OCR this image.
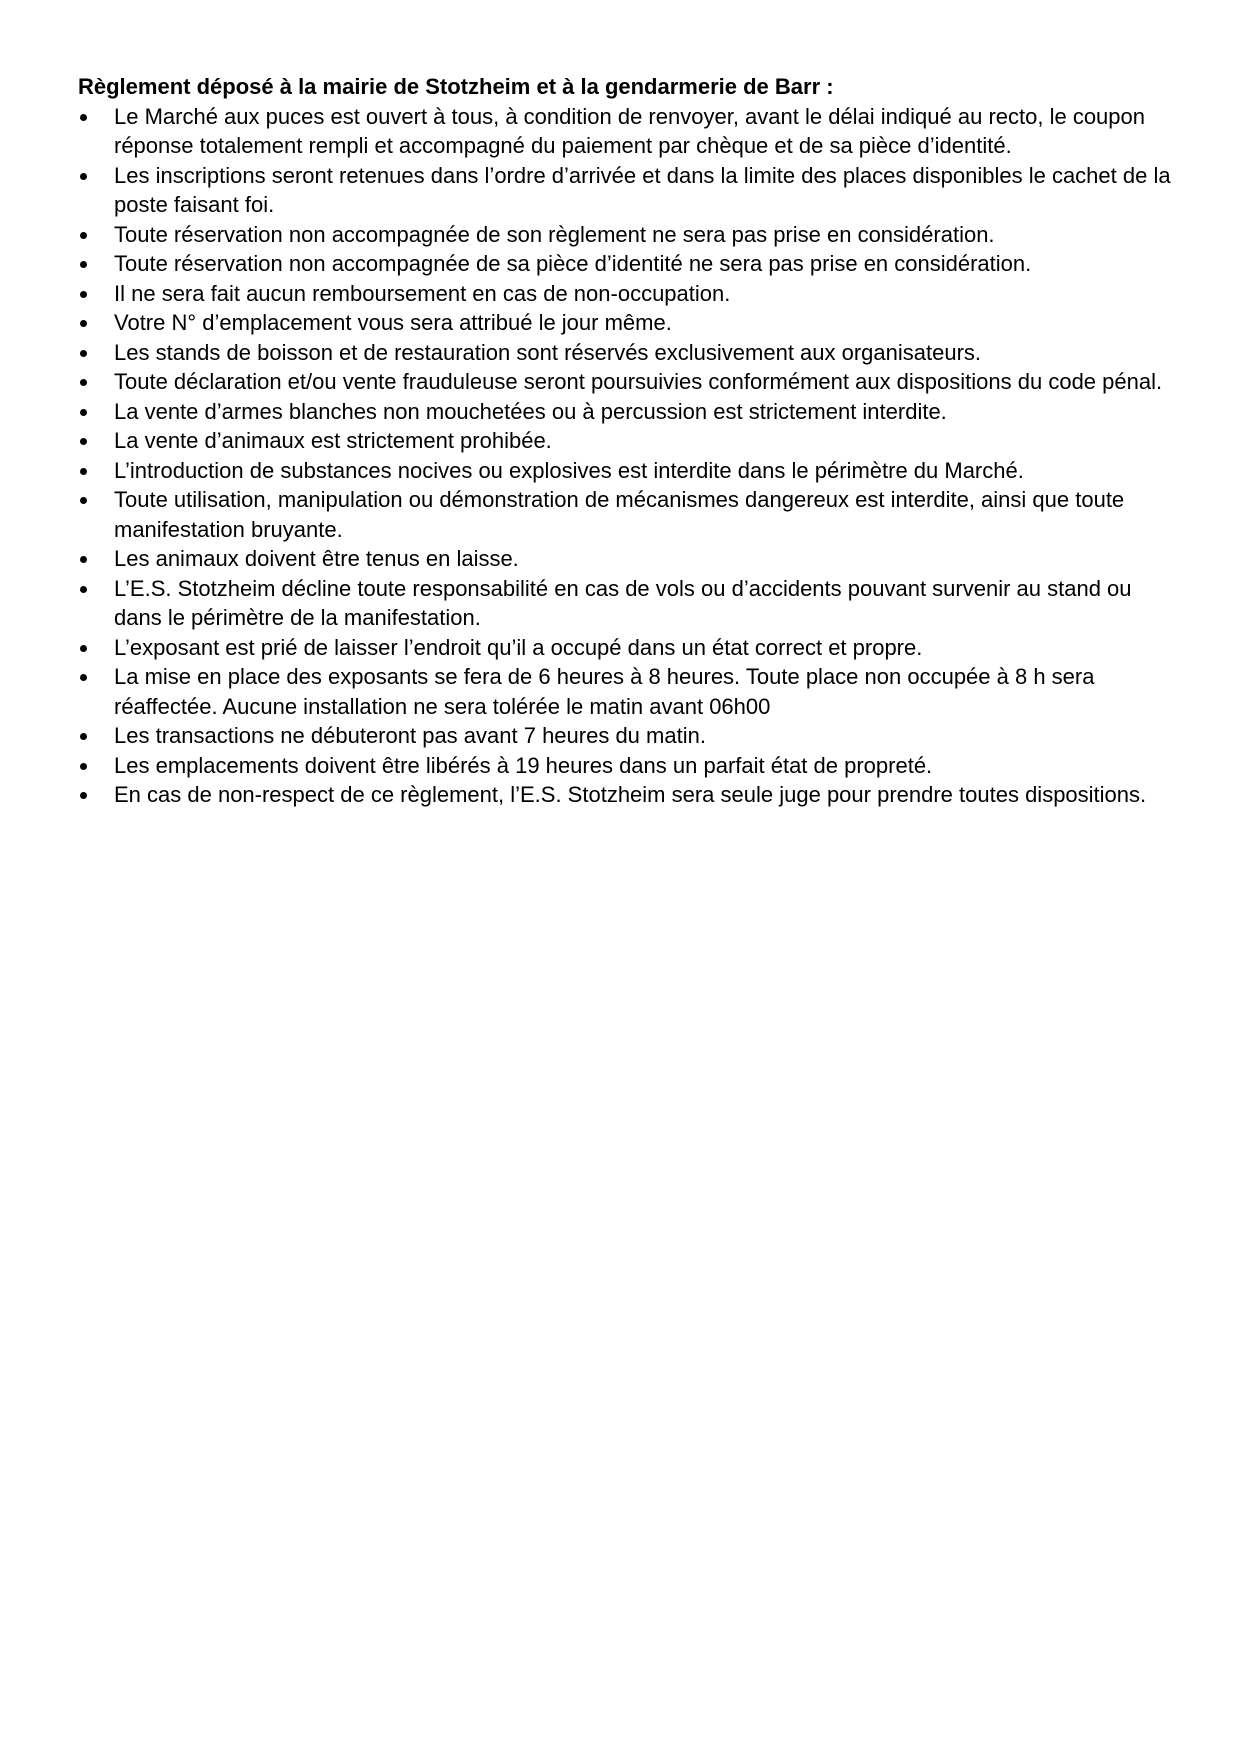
Règlement déposé à la mairie de Stotzheim et à la gendarmerie de Barr :

Le Marché aux puces est ouvert à tous, à condition de renvoyer, avant le délai indiqué au recto, le coupon réponse totalement rempli et accompagné du paiement par chèque et de sa pièce d’identité.
Les inscriptions seront retenues dans l’ordre d’arrivée et dans la limite des places disponibles le cachet de la poste faisant foi.
Toute réservation non accompagnée de son règlement ne sera pas prise en considération.
Toute réservation non accompagnée de sa pièce d’identité ne sera pas prise en considération.
Il ne sera fait aucun remboursement en cas de non-occupation.
Votre N° d’emplacement vous sera attribué le jour même.
Les stands de boisson et de restauration sont réservés exclusivement aux organisateurs.
Toute déclaration et/ou vente frauduleuse seront poursuivies conformément aux dispositions du code pénal.
La vente d’armes blanches non mouchetées ou à percussion est strictement interdite.
La vente d’animaux est strictement prohibée.
L’introduction de substances nocives ou explosives est interdite dans le périmètre du Marché.
Toute utilisation, manipulation ou démonstration de mécanismes dangereux est interdite, ainsi que toute manifestation bruyante.
Les animaux doivent être tenus en laisse.
L’E.S. Stotzheim décline toute responsabilité en cas de vols ou d’accidents pouvant survenir au stand ou dans le périmètre de la manifestation.
L’exposant est prié de laisser l’endroit qu’il a occupé dans un état correct et propre.
La mise en place des exposants se fera de 6 heures à 8 heures. Toute place non occupée à 8 h sera réaffectée. Aucune installation ne sera tolérée le matin avant 06h00
Les transactions ne débuteront pas avant 7 heures du matin.
Les emplacements doivent être libérés à 19 heures dans un parfait état de propreté.
En cas de non-respect de ce règlement, l’E.S. Stotzheim sera seule juge pour prendre toutes dispositions.
